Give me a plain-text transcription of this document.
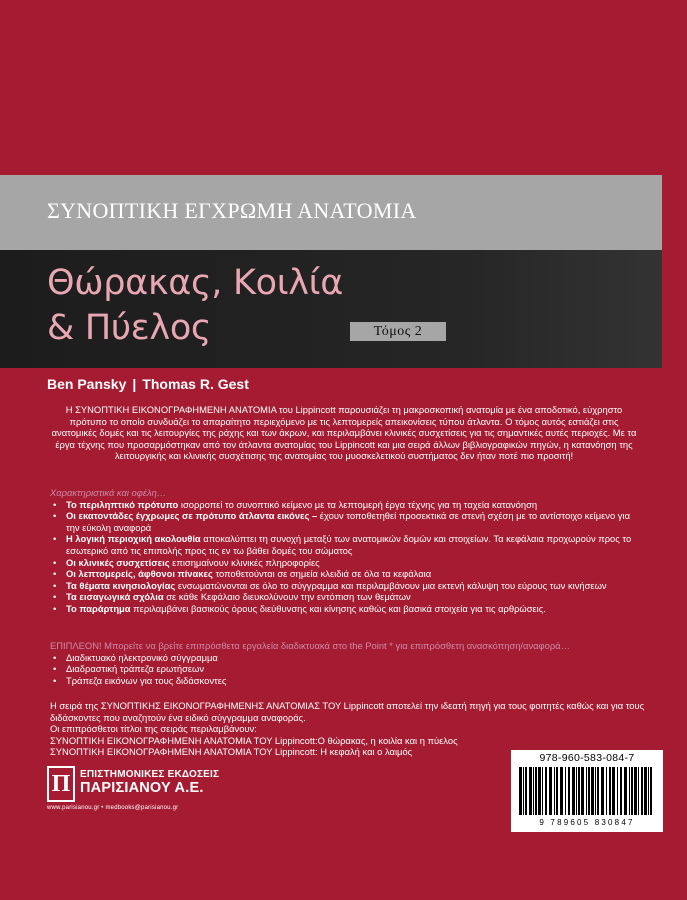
ΣΥΝΟΠΤΙΚΗ ΕΓΧΡΩΜΗ ΑΝΑΤΟΜΙΑ
Θώρακας, Κοιλία
& Πύελος	Τόμος 2
Ben Pansky | Thomas R. Gest
Η ΣΥΝΟΠΤΙΚΗ ΕΙΚΟΝΟΓΡΑΦΗΜΕΝΗ ΑΝΑΤΟΜΙΑ του Lippincott παρουσιάζει τη μακροσκοπική ανατομία με ένα αποδοτικό, εύχρηστο πρότυπο το οποίο συνδυάζει το απαραίτητο περιεχόμενο με τις λεπτομερείς απεικονίσεις τύπου άτλαντα. Ο τόμος αυτός εστιάζει στις ανατομικές δομές και τις λειτουργίες της ράχης και των άκρων, και περιλαμβάνει κλινικές συσχετίσεις για τις σημαντικές αυτές περιοχές. Με τα έργα τέχνης που προσαρμόστηκαν από τον άτλαντα ανατομίας του Lippincott και μια σειρά άλλων βιβλιογραφικών πηγών, η κατανόηση της λειτουργικής και κλινικής συσχέτισης της ανατομίας του μυοσκελετικού συστήματος δεν ήταν ποτέ πιο προσιτή!
Χαρακτηριστικά και οφέλη…
• Το περιληπτικό πρότυπο ισορροπεί το συνοπτικό κείμενο με τα λεπτομερή έργα τέχνης για τη ταχεία κατανόηση
• Οι εκατοντάδες έγχρωμες σε πρότυπο άτλαντα εικόνες – έχουν τοποθετηθεί προσεκτικά σε στενή σχέση με το αντίστοιχο κείμενο για την εύκολη αναφορά
• Η λογική περιοχική ακολουθία αποκαλύπτει τη συνοχή μεταξύ των ανατομικών δομών και στοιχείων. Τα κεφάλαια προχωρούν προς το εσωτερικό από τις επιπολής προς τις εν τω βάθει δομές του σώματος
• Οι κλινικές συσχετίσεις επισημαίνουν κλινικές πληροφορίες
• Οι λεπτομερείς, άφθονοι πίνακες τοποθετούνται σε σημεία κλειδιά σε όλα τα κεφάλαια
• Τα θέματα κινησιολογίας ενσωματώνονται σε όλο το σύγγραμμα και περιλαμβάνουν μια εκτενή κάλυψη του εύρους των κινήσεων
• Τα εισαγωγικά σχόλια σε κάθε Κεφάλαιο διευκολύνουν την εντόπιση των θεμάτων
• Το παράρτημα περιλαμβάνει βασικούς όρους διεύθυνσης και κίνησης καθώς και βασικά στοιχεία για τις αρθρώσεις.
ΕΠΙΠΛΕΟΝ! Μπορείτε να βρείτε επιπρόσθετα εργαλεία διαδικτυακά στο the Point * για επιπρόσθετη ανασκόπηση/αναφορά…
• Διαδικτυακό ηλεκτρονικό σύγγραμμα
• Διαδραστική τράπεζα ερωτήσεων
• Τράπεζα εικόνων για τους διδάσκοντες
Η σειρά της ΣΥΝΟΠΤΙΚΗΣ ΕΙΚΟΝΟΓΡΑΦΗΜΕΝΗΣ ΑΝΑΤΟΜΙΑΣ ΤΟΥ Lippincott αποτελεί την ιδεατή πηγή για τους φοιτητές καθώς και για τους διδάσκοντες που αναζητούν ένα ειδικό σύγγραμμα αναφοράς.
Οι επιπρόσθετοι τίτλοι της σειράς περιλαμβάνουν:
ΣΥΝΟΠΤΙΚΗ ΕΙΚΟΝΟΓΡΑΦΗΜΕΝΗ ΑΝΑΤΟΜΙΑ ΤΟΥ Lippincott:Ο θώρακας, η κοιλία και η πύελος
ΣΥΝΟΠΤΙΚΗ ΕΙΚΟΝΟΓΡΑΦΗΜΕΝΗ ΑΝΑΤΟΜΙΑ ΤΟΥ Lippincott: Η κεφαλή και ο λαιμός
Π ΕΠΙΣΤΗΜΟΝΙΚΕΣ ΕΚΔΟΣΕΙΣ
ΠΑΡΙΣΙΑΝΟΥ Α.Ε.
www.parisianou.gr • medbooks@parisianou.gr
978-960-583-084-7
9 789605 830847
